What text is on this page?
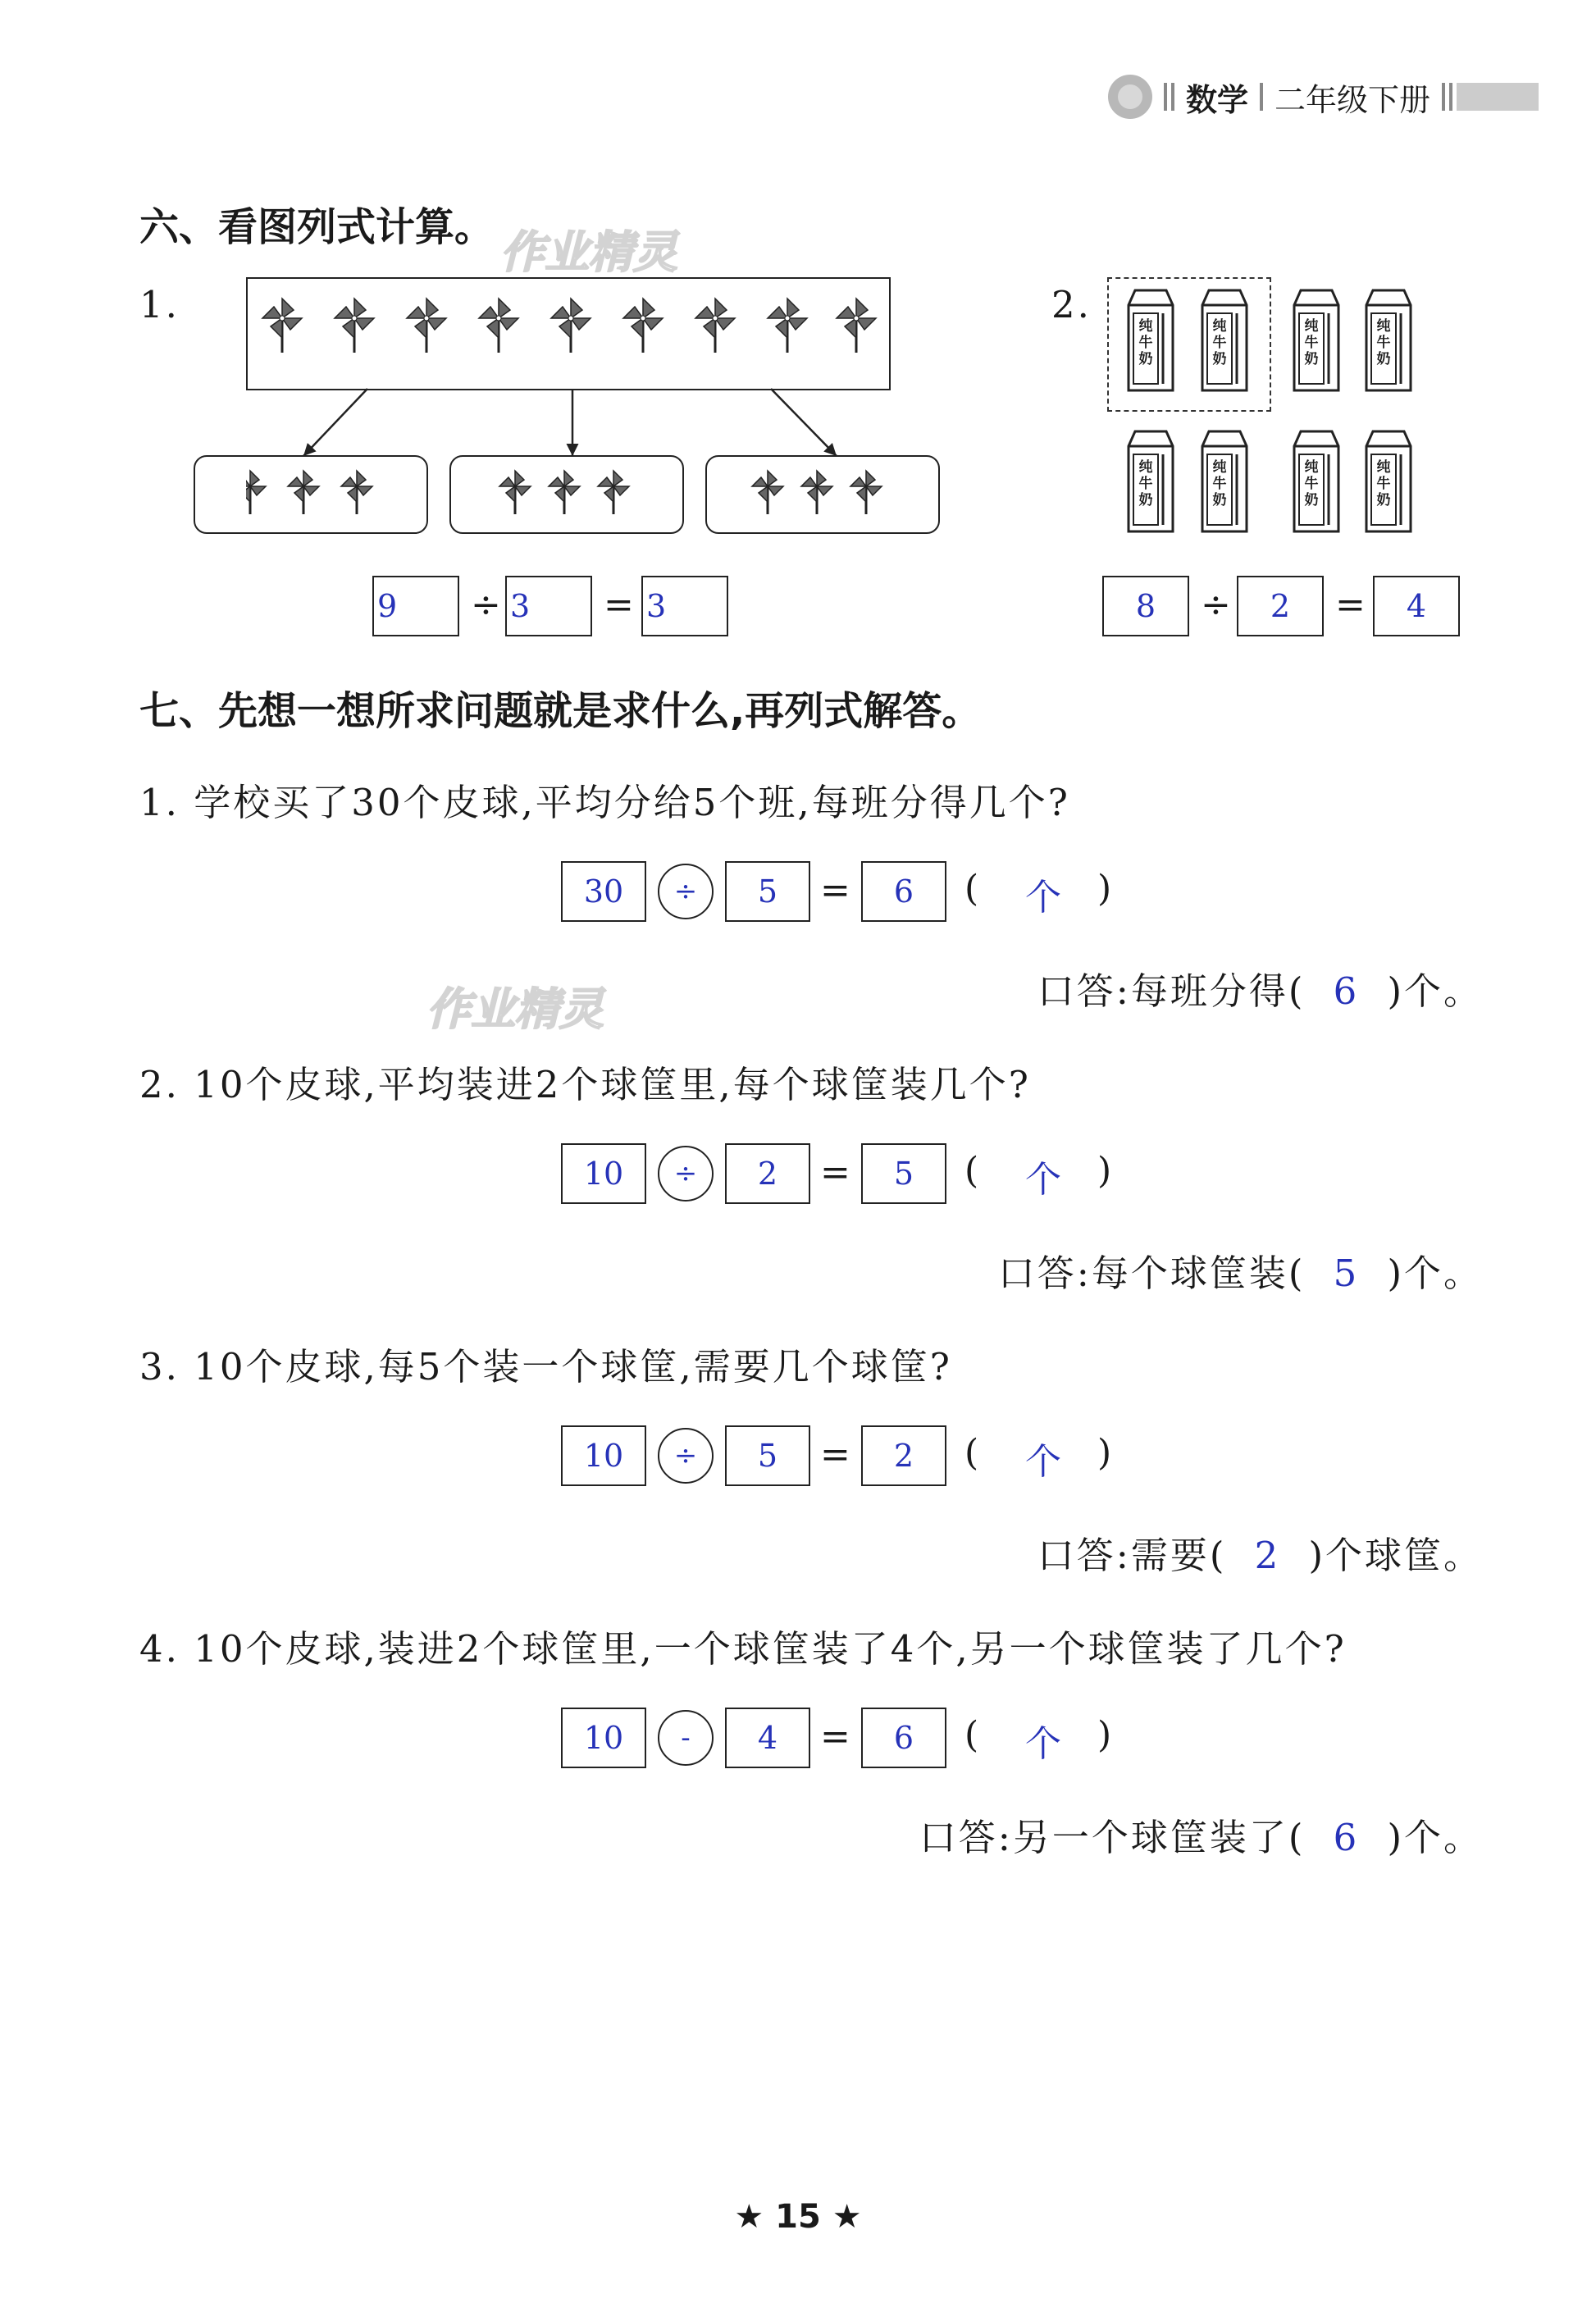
数学 二年级下册
作业精灵
作业精灵
六、看图列式计算。
1.
9	÷ 3	= 3
2.	纯牛奶
纯牛奶
纯牛奶
纯牛奶
纯牛奶
纯牛奶
纯牛奶
纯牛奶
8	÷	2	=	4
七、先想一想所求问题就是求什么,再列式解答。
1. 学校买了30个皮球,平均分给5个班,每班分得几个?
30	÷	5	=	6	( 个 )
口答:每班分得( 6 )个。
2. 10个皮球,平均装进2个球筐里,每个球筐装几个?
10	÷	2	=	5	( 个 )
口答:每个球筐装( 5 )个。
3. 10个皮球,每5个装一个球筐,需要几个球筐?
10	÷	5	=	2	( 个 )
口答:需要( 2 )个球筐。
4. 10个皮球,装进2个球筐里,一个球筐装了4个,另一个球筐装了几个?
10	-	4	=	6	( 个 )
口答:另一个球筐装了( 6 )个。
★ 15 ★
